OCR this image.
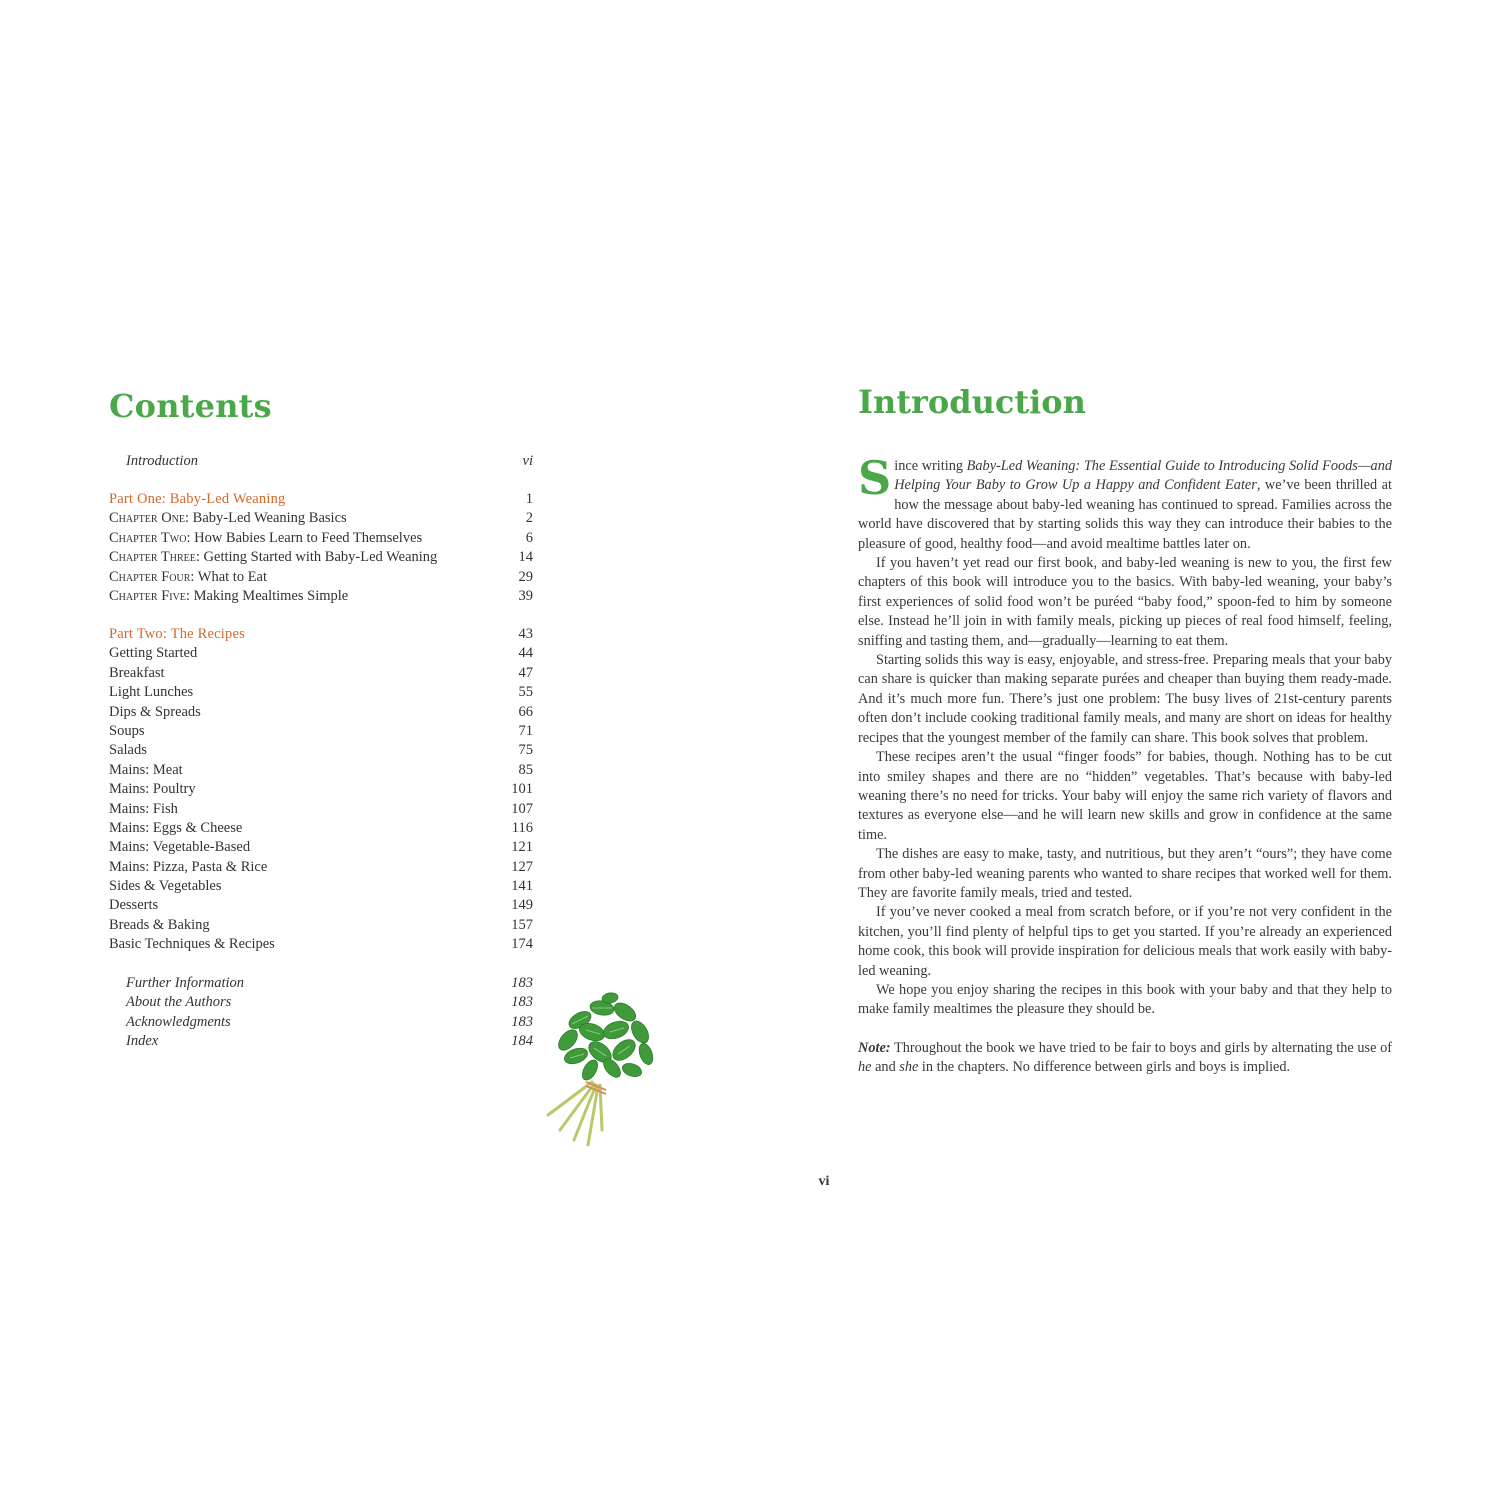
Contents
Introduction	vi
Part One: Baby-Led Weaning	1
Chapter One: Baby-Led Weaning Basics	2
Chapter Two: How Babies Learn to Feed Themselves	6
Chapter Three: Getting Started with Baby-Led Weaning	14
Chapter Four: What to Eat	29
Chapter Five: Making Mealtimes Simple	39
Part Two: The Recipes	43
Getting Started	44
Breakfast	47
Light Lunches	55
Dips & Spreads	66
Soups	71
Salads	75
Mains: Meat	85
Mains: Poultry	101
Mains: Fish	107
Mains: Eggs & Cheese	116
Mains: Vegetable-Based	121
Mains: Pizza, Pasta & Rice	127
Sides & Vegetables	141
Desserts	149
Breads & Baking	157
Basic Techniques & Recipes	174
Further Information	183
About the Authors	183
Acknowledgments	183
Index	184
Introduction

Since writing Baby-Led Weaning: The Essential Guide to Introducing Solid Foods—and Helping Your Baby to Grow Up a Happy and Confident Eater, we’ve been thrilled at how the message about baby-led weaning has continued to spread. Families across the world have discovered that by starting solids this way they can introduce their babies to the pleasure of good, healthy food—and avoid mealtime battles later on.

If you haven’t yet read our first book, and baby-led weaning is new to you, the first few chapters of this book will introduce you to the basics. With baby-led weaning, your baby’s first experiences of solid food won’t be puréed “baby food,” spoon-fed to him by someone else. Instead he’ll join in with family meals, picking up pieces of real food himself, feeling, sniffing and tasting them, and—gradually—learning to eat them.

Starting solids this way is easy, enjoyable, and stress-free. Preparing meals that your baby can share is quicker than making separate purées and cheaper than buying them ready-made. And it’s much more fun. There’s just one problem: The busy lives of 21st-century parents often don’t include cooking traditional family meals, and many are short on ideas for healthy recipes that the youngest member of the family can share. This book solves that problem.

These recipes aren’t the usual “finger foods” for babies, though. Nothing has to be cut into smiley shapes and there are no “hidden” vegetables. That’s because with baby-led weaning there’s no need for tricks. Your baby will enjoy the same rich variety of flavors and textures as everyone else—and he will learn new skills and grow in confidence at the same time.

The dishes are easy to make, tasty, and nutritious, but they aren’t “ours”; they have come from other baby-led weaning parents who wanted to share recipes that worked well for them. They are favorite family meals, tried and tested.

If you’ve never cooked a meal from scratch before, or if you’re not very confident in the kitchen, you’ll find plenty of helpful tips to get you started. If you’re already an experienced home cook, this book will provide inspiration for delicious meals that work easily with baby-led weaning.

We hope you enjoy sharing the recipes in this book with your baby and that they help to make family mealtimes the pleasure they should be.

Note: Throughout the book we have tried to be fair to boys and girls by alternating the use of he and she in the chapters. No difference between girls and boys is implied.

vi
